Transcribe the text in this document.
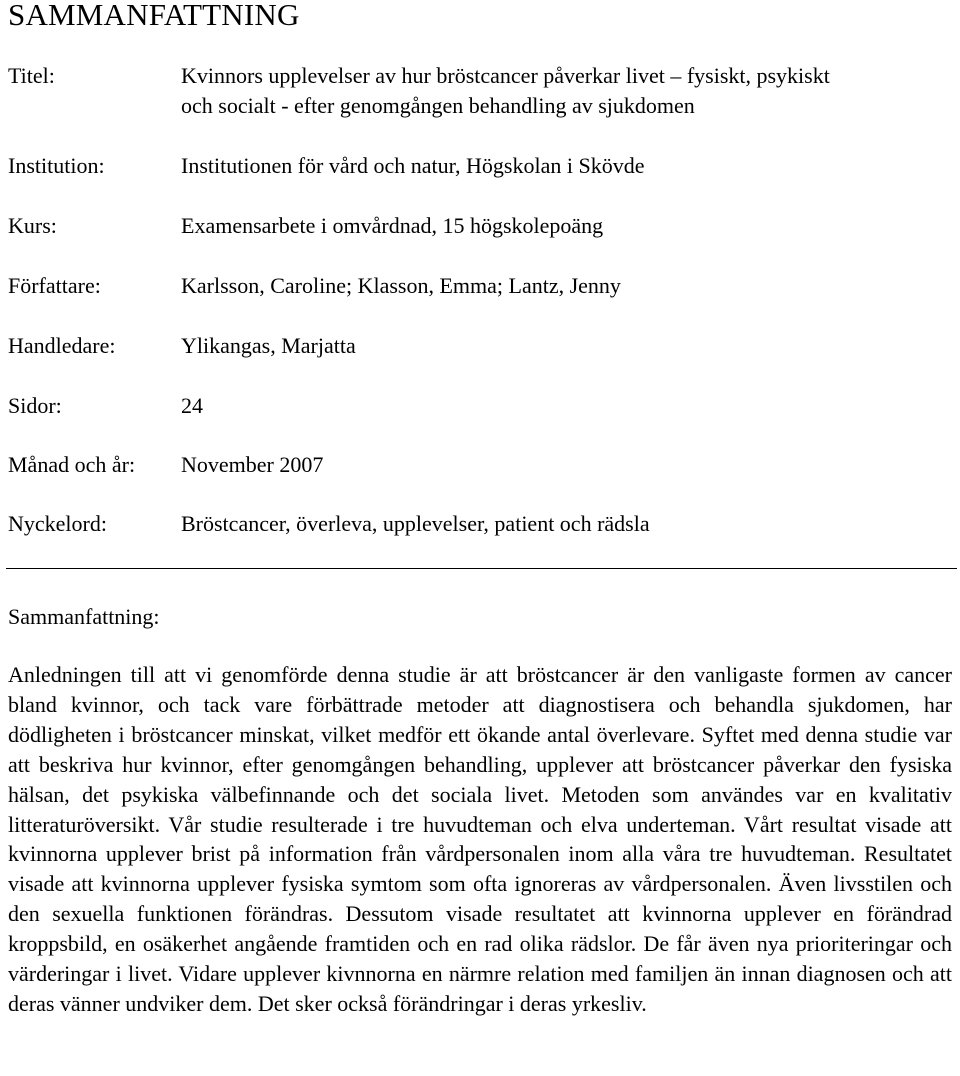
SAMMANFATTNING
Titel:	Kvinnors upplevelser av hur bröstcancer påverkar livet – fysiskt, psykiskt
och socialt - efter genomgången behandling av sjukdomen
Institution:	Institutionen för vård och natur, Högskolan i Skövde
Kurs:	Examensarbete i omvårdnad, 15 högskolepoäng
Författare:	Karlsson, Caroline; Klasson, Emma; Lantz, Jenny
Handledare:	Ylikangas, Marjatta
Sidor:	24
Månad och år: November 2007
Nyckelord:	Bröstcancer, överleva, upplevelser, patient och rädsla
Sammanfattning:

Anledningen till att vi genomförde denna studie är att bröstcancer är den vanligaste formen av cancer bland kvinnor, och tack vare förbättrade metoder att diagnostisera och behandla sjukdomen, har dödligheten i bröstcancer minskat, vilket medför ett ökande antal överlevare. Syftet med denna studie var att beskriva hur kvinnor, efter genomgången behandling, upplever att bröstcancer påverkar den fysiska hälsan, det psykiska välbefinnande och det sociala livet. Metoden som användes var en kvalitativ litteraturöversikt. Vår studie resulterade i tre huvudteman och elva underteman. Vårt resultat visade att kvinnorna upplever brist på information från vårdpersonalen inom alla våra tre huvudteman. Resultatet visade att kvinnorna upplever fysiska symtom som ofta ignoreras av vårdpersonalen. Även livsstilen och den sexuella funktionen förändras. Dessutom visade resultatet att kvinnorna upplever en förändrad kroppsbild, en osäkerhet angående framtiden och en rad olika rädslor. De får även nya prioriteringar och värderingar i livet. Vidare upplever kivnnorna en närmre relation med familjen än innan diagnosen och att deras vänner undviker dem. Det sker också förändringar i deras yrkesliv.
